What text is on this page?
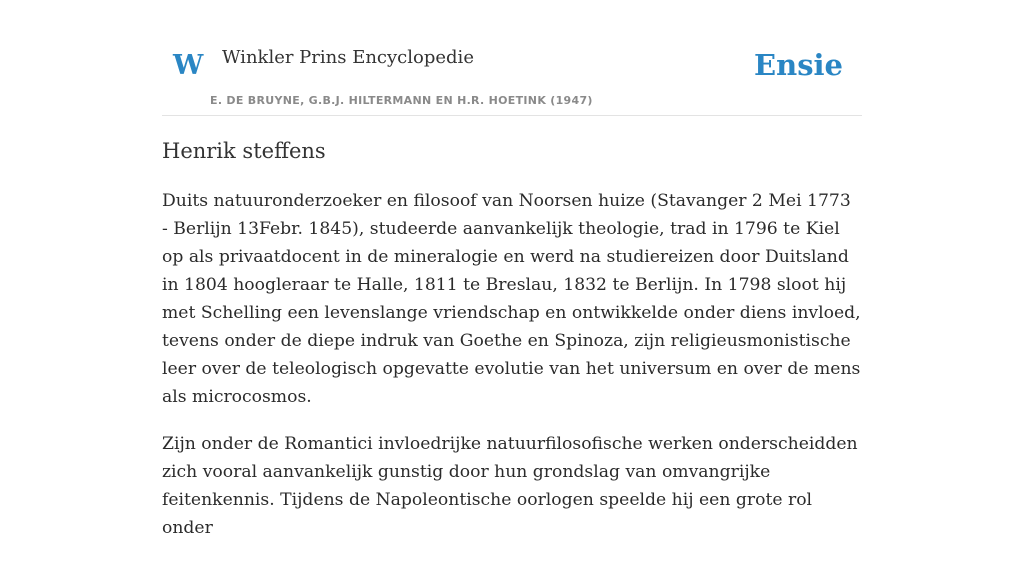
W Winkler Prins Encyclopedie
E. DE BRUYNE, G.B.J. HILTERMANN EN H.R. HOETINK (1947)
Ensie
Henrik steffens

Duits natuuronderzoeker en filosoof van Noorsen huize (Stavanger 2 Mei 1773 - Berlijn 13Febr. 1845), studeerde aanvankelijk theologie, trad in 1796 te Kiel op als privaatdocent in de mineralogie en werd na studiereizen door Duitsland in 1804 hoogleraar te Halle, 1811 te Breslau, 1832 te Berlijn. In 1798 sloot hij met Schelling een levenslange vriendschap en ontwikkelde onder diens invloed, tevens onder de diepe indruk van Goethe en Spinoza, zijn religieusmonistische leer over de teleologisch opgevatte evolutie van het universum en over de mens als microcosmos.

Zijn onder de Romantici invloedrijke natuurfilosofische werken onderscheidden zich vooral aanvankelijk gunstig door hun grondslag van omvangrijke feitenkennis. Tijdens de Napoleontische oorlogen speelde hij een grote rol onder
